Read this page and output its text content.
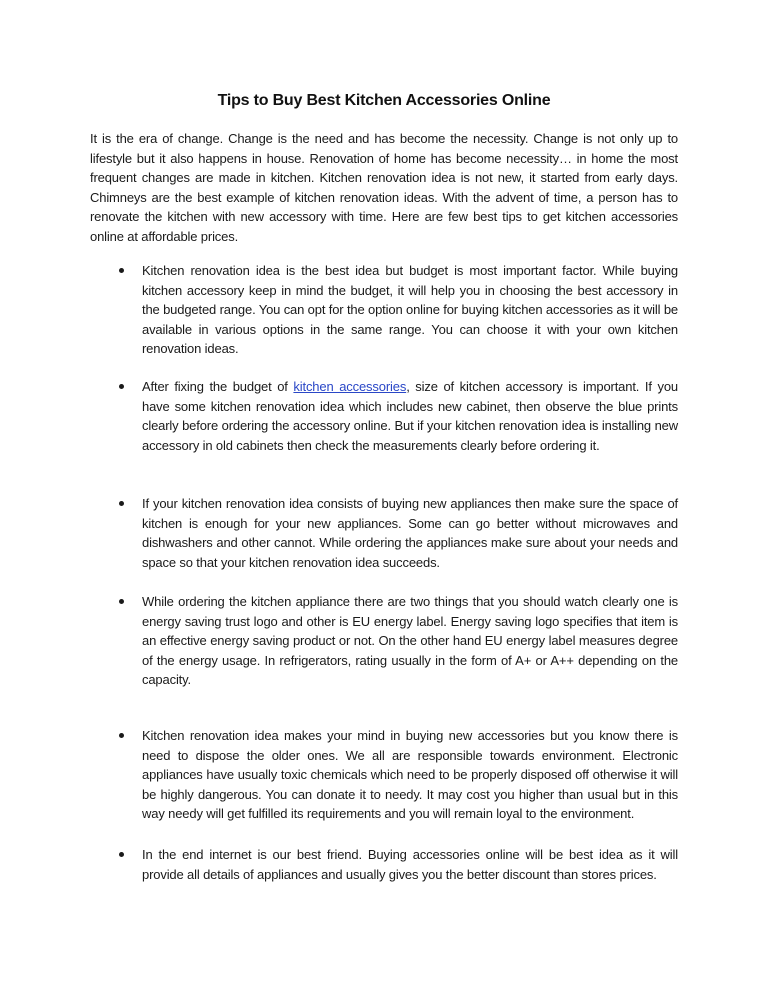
Tips to Buy Best Kitchen Accessories Online

It is the era of change. Change is the need and has become the necessity. Change is not only up to lifestyle but it also happens in house. Renovation of home has become necessity… in home the most frequent changes are made in kitchen. Kitchen renovation idea is not new, it started from early days. Chimneys are the best example of kitchen renovation ideas. With the advent of time, a person has to renovate the kitchen with new accessory with time. Here are few best tips to get kitchen accessories online at affordable prices.

Kitchen renovation idea is the best idea but budget is most important factor. While buying kitchen accessory keep in mind the budget, it will help you in choosing the best accessory in the budgeted range. You can opt for the option online for buying kitchen accessories as it will be available in various options in the same range. You can choose it with your own kitchen renovation ideas.
After fixing the budget of kitchen accessories, size of kitchen accessory is important. If you have some kitchen renovation idea which includes new cabinet, then observe the blue prints clearly before ordering the accessory online. But if your kitchen renovation idea is installing new accessory in old cabinets then check the measurements clearly before ordering it.
If your kitchen renovation idea consists of buying new appliances then make sure the space of kitchen is enough for your new appliances. Some can go better without microwaves and dishwashers and other cannot. While ordering the appliances make sure about your needs and space so that your kitchen renovation idea succeeds.
While ordering the kitchen appliance there are two things that you should watch clearly one is energy saving trust logo and other is EU energy label. Energy saving logo specifies that item is an effective energy saving product or not. On the other hand EU energy label measures degree of the energy usage. In refrigerators, rating usually in the form of A+ or A++ depending on the capacity.
Kitchen renovation idea makes your mind in buying new accessories but you know there is need to dispose the older ones. We all are responsible towards environment. Electronic appliances have usually toxic chemicals which need to be properly disposed off otherwise it will be highly dangerous. You can donate it to needy. It may cost you higher than usual but in this way needy will get fulfilled its requirements and you will remain loyal to the environment.
In the end internet is our best friend. Buying accessories online will be best idea as it will provide all details of appliances and usually gives you the better discount than stores prices.
